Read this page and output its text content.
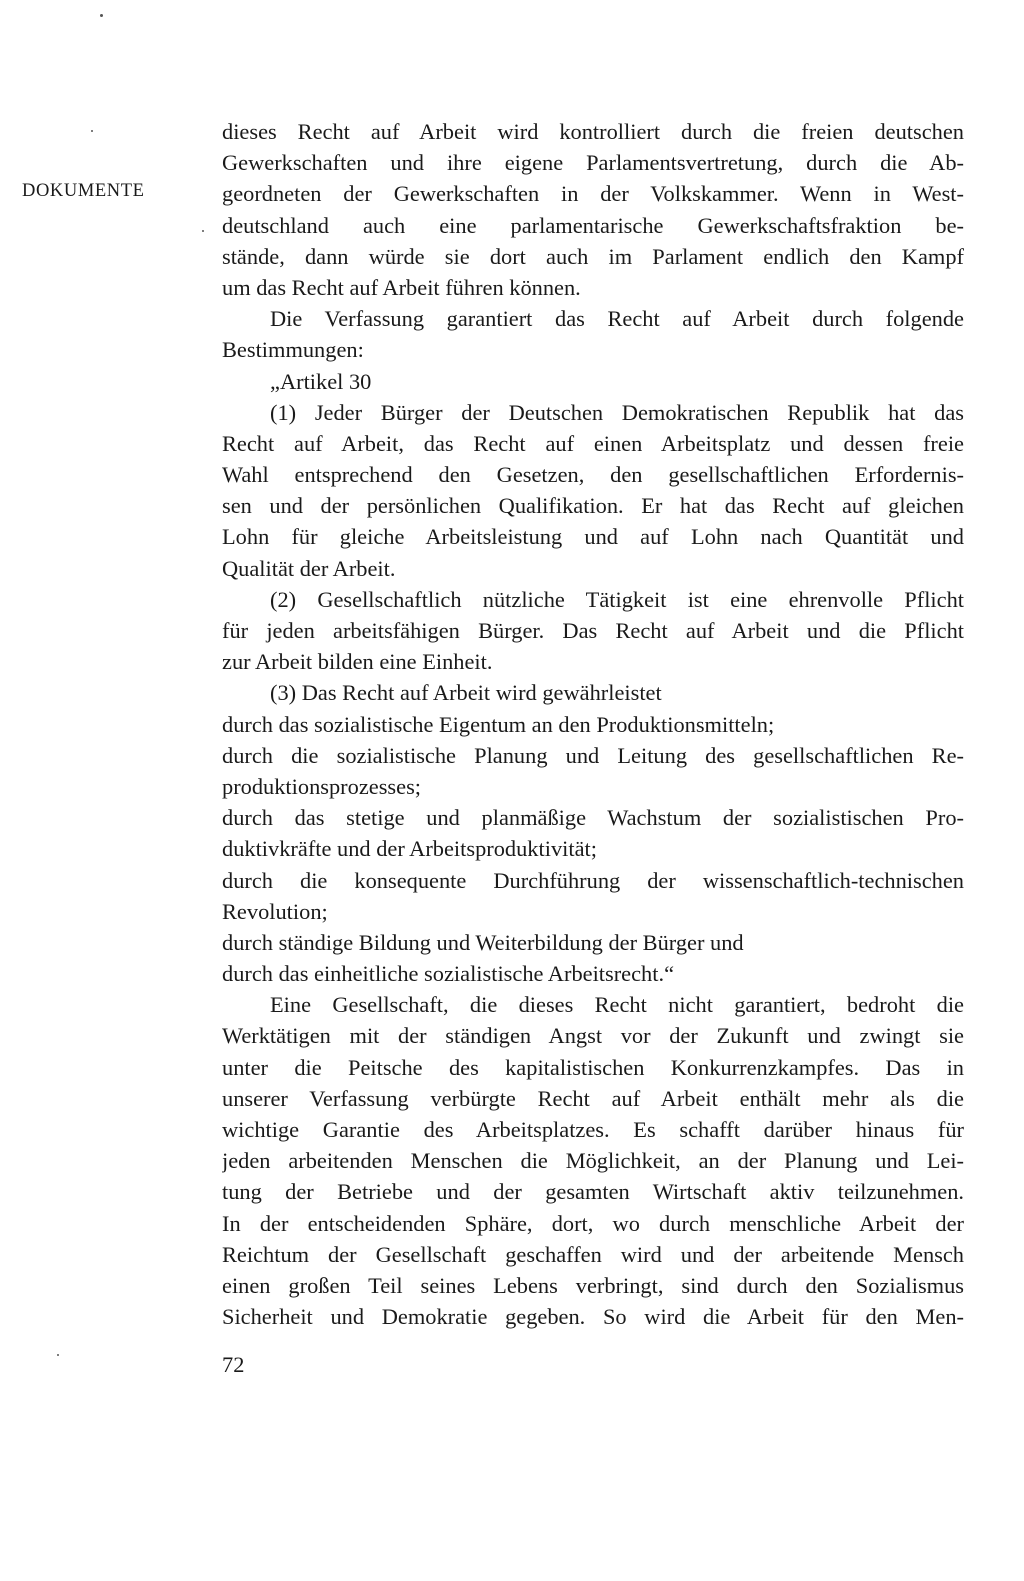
DOKUMENTE
dieses Recht auf Arbeit wird kontrolliert durch die freien deutschen
Gewerkschaften und ihre eigene Parlamentsvertretung, durch die Ab-
geordneten der Gewerkschaften in der Volkskammer. Wenn in West-
deutschland auch eine parlamentarische Gewerkschaftsfraktion be-
stände, dann würde sie dort auch im Parlament endlich den Kampf
um das Recht auf Arbeit führen können.
Die Verfassung garantiert das Recht auf Arbeit durch folgende
Bestimmungen:
„Artikel 30
(1) Jeder Bürger der Deutschen Demokratischen Republik hat das
Recht auf Arbeit, das Recht auf einen Arbeitsplatz und dessen freie
Wahl entsprechend den Gesetzen, den gesellschaftlichen Erfordernis-
sen und der persönlichen Qualifikation. Er hat das Recht auf gleichen
Lohn für gleiche Arbeitsleistung und auf Lohn nach Quantität und
Qualität der Arbeit.
(2) Gesellschaftlich nützliche Tätigkeit ist eine ehrenvolle Pflicht
für jeden arbeitsfähigen Bürger. Das Recht auf Arbeit und die Pflicht
zur Arbeit bilden eine Einheit.
(3) Das Recht auf Arbeit wird gewährleistet
durch das sozialistische Eigentum an den Produktionsmitteln;
durch die sozialistische Planung und Leitung des gesellschaftlichen Re-
produktionsprozesses;
durch das stetige und planmäßige Wachstum der sozialistischen Pro-
duktivkräfte und der Arbeitsproduktivität;
durch die konsequente Durchführung der wissenschaftlich-technischen
Revolution;
durch ständige Bildung und Weiterbildung der Bürger und
durch das einheitliche sozialistische Arbeitsrecht.“
Eine Gesellschaft, die dieses Recht nicht garantiert, bedroht die
Werktätigen mit der ständigen Angst vor der Zukunft und zwingt sie
unter die Peitsche des kapitalistischen Konkurrenzkampfes. Das in
unserer Verfassung verbürgte Recht auf Arbeit enthält mehr als die
wichtige Garantie des Arbeitsplatzes. Es schafft darüber hinaus für
jeden arbeitenden Menschen die Möglichkeit, an der Planung und Lei-
tung der Betriebe und der gesamten Wirtschaft aktiv teilzunehmen.
In der entscheidenden Sphäre, dort, wo durch menschliche Arbeit der
Reichtum der Gesellschaft geschaffen wird und der arbeitende Mensch
einen großen Teil seines Lebens verbringt, sind durch den Sozialismus
Sicherheit und Demokratie gegeben. So wird die Arbeit für den Men-
72
